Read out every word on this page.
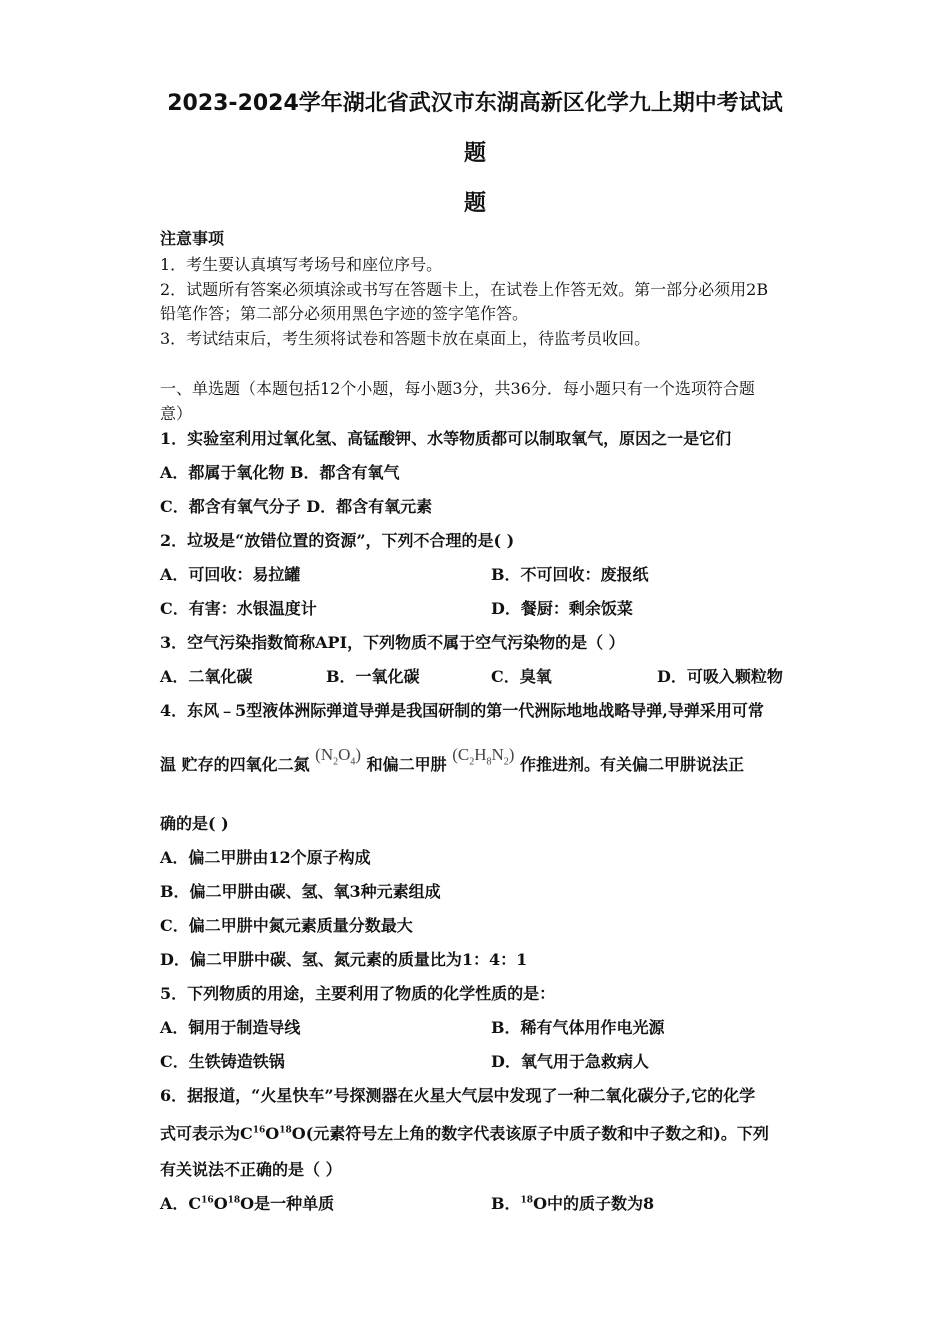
2023-2024学年湖北省武汉市东湖高新区化学九上期中考试试
题
题
注意事项
1．考生要认真填写考场号和座位序号。
2．试题所有答案必须填涂或书写在答题卡上，在试卷上作答无效。第一部分必须用2B
铅笔作答；第二部分必须用黑色字迹的签字笔作答。
3．考试结束后，考生须将试卷和答题卡放在桌面上，待监考员收回。
一、单选题（本题包括12个小题，每小题3分，共36分．每小题只有一个选项符合题
意）
1．实验室利用过氧化氢、高锰酸钾、水等物质都可以制取氧气，原因之一是它们
A．都属于氧化物 B．都含有氧气
C．都含有氧气分子 D．都含有氧元素
2．垃圾是“放错位置的资源”，下列不合理的是( )
A．可回收：易拉罐	B．不可回收：废报纸
C．有害：水银温度计	D．餐厨：剩余饭菜
3．空气污染指数简称API，下列物质不属于空气污染物的是（ ）
A．二氧化碳	B．一氧化碳	C．臭氧	D．可吸入颗粒物
4．东风﹣5型液体洲际弹道导弹是我国研制的第一代洲际地地战略导弹,导弹采用可常
温 贮存的四氧化二氮 $(N_2O_4)$ 和偏二甲肼 $(C_2H_8N_2)$ 作推进剂。有关偏二甲肼说法正
确的是( )
A．偏二甲肼由12个原子构成
B．偏二甲肼由碳、氢、氧3种元素组成
C．偏二甲肼中氮元素质量分数最大
D．偏二甲肼中碳、氢、氮元素的质量比为1：4：1
5．下列物质的用途，主要利用了物质的化学性质的是：
A．铜用于制造导线	B．稀有气体用作电光源
C．生铁铸造铁锅	D．氧气用于急救病人
6．据报道，“火星快车”号探测器在火星大气层中发现了一种二氧化碳分子,它的化学
式可表示为$C^{16}O^{18}O$(元素符号左上角的数字代表该原子中质子数和中子数之和)。下列
有关说法不正确的是（ ）
A．$C^{16}O^{18}O$是一种单质	B．$^{18}$O中的质子数为8
